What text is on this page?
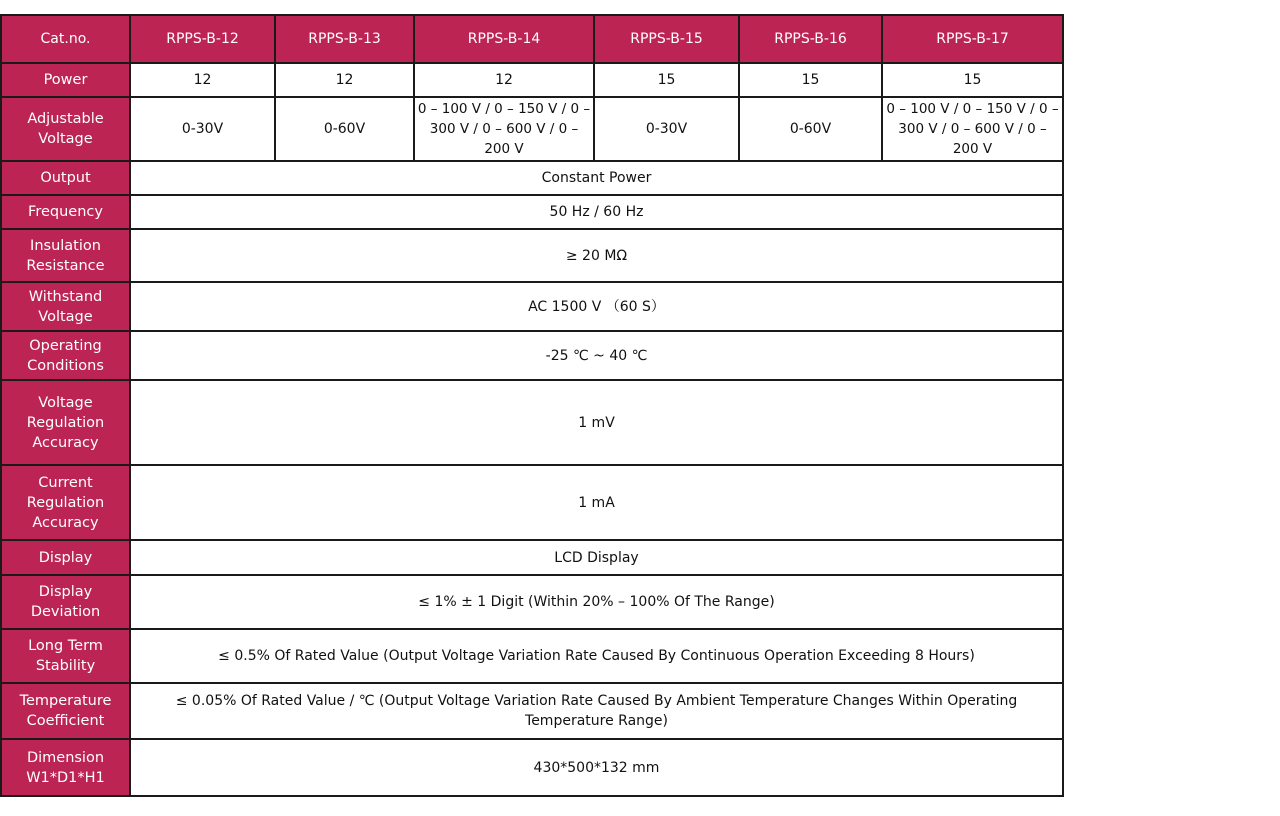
Cat.no.	RPPS-B-12	RPPS-B-13	RPPS-B-14	RPPS-B-15	RPPS-B-16	RPPS-B-17
Power	12	12	12	15	15	15
Adjustable Voltage	0-30V	0-60V	0 – 100 V / 0 – 150 V / 0 – 300 V / 0 – 600 V / 0 – 200 V	0-30V	0-60V	0 – 100 V / 0 – 150 V / 0 – 300 V / 0 – 600 V / 0 – 200 V
Output	Constant Power					
Frequency	50 Hz / 60 Hz					
Insulation Resistance	≥ 20 MΩ					
Withstand Voltage	AC 1500 V （60 S）					
Operating Conditions	-25 ℃ ~ 40 ℃					
Voltage Regulation Accuracy	1 mV					
Current Regulation Accuracy	1 mA					
Display	LCD Display					
Display Deviation	≤ 1% ± 1 Digit (Within 20% – 100% Of The Range)					
Long Term Stability	≤ 0.5% Of Rated Value (Output Voltage Variation Rate Caused By Continuous Operation Exceeding 8 Hours)					
Temperature Coefficient	≤ 0.05% Of Rated Value / ℃ (Output Voltage Variation Rate Caused By Ambient Temperature Changes Within Operating Temperature Range)					
Dimension W1*D1*H1	430*500*132 mm					
